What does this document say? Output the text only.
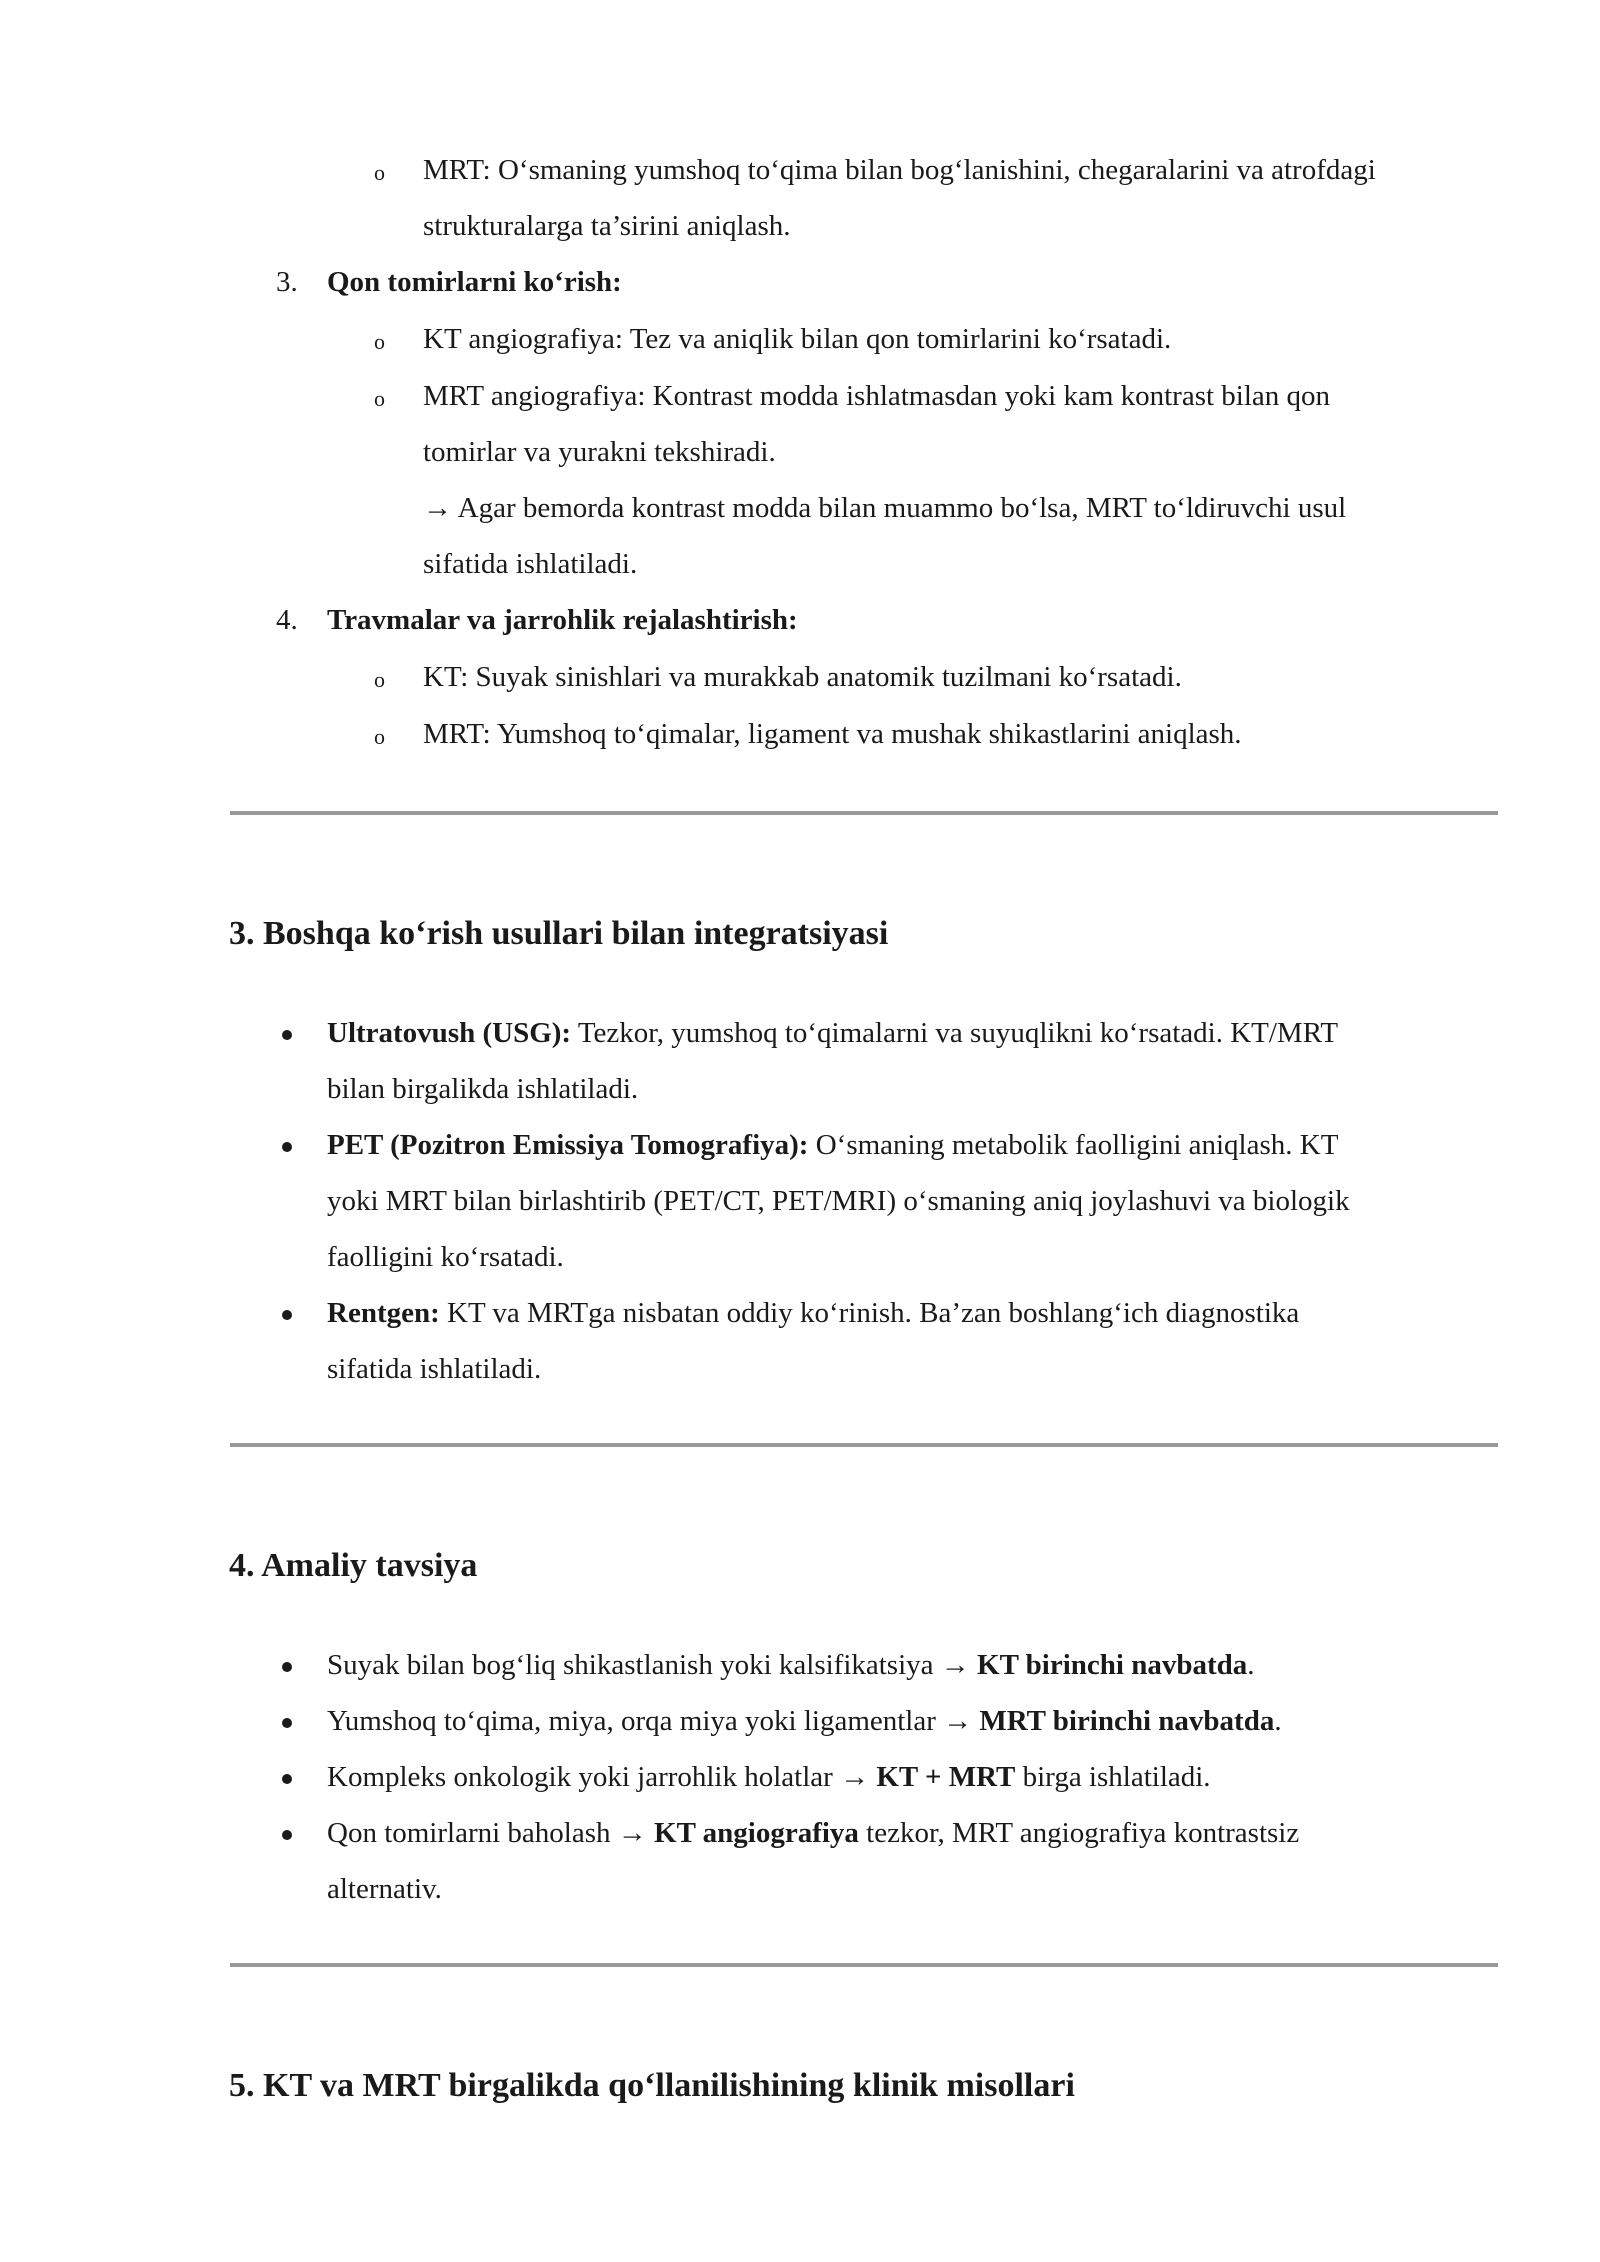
o MRT: O‘smaning yumshoq to‘qima bilan bog‘lanishini, chegaralarini va atrofdagi
strukturalarga ta’sirini aniqlash.
3. Qon tomirlarni ko‘rish:
o KT angiografiya: Tez va aniqlik bilan qon tomirlarini ko‘rsatadi.
o MRT angiografiya: Kontrast modda ishlatmasdan yoki kam kontrast bilan qon
tomirlar va yurakni tekshiradi.
→ Agar bemorda kontrast modda bilan muammo bo‘lsa, MRT to‘ldiruvchi usul
sifatida ishlatiladi.
4. Travmalar va jarrohlik rejalashtirish:
o KT: Suyak sinishlari va murakkab anatomik tuzilmani ko‘rsatadi.
o MRT: Yumshoq to‘qimalar, ligament va mushak shikastlarini aniqlash.
3. Boshqa ko‘rish usullari bilan integratsiyasi
Ultratovush (USG): Tezkor, yumshoq to‘qimalarni va suyuqlikni ko‘rsatadi. KT/MRT
bilan birgalikda ishlatiladi.
PET (Pozitron Emissiya Tomografiya): O‘smaning metabolik faolligini aniqlash. KT
yoki MRT bilan birlashtirib (PET/CT, PET/MRI) o‘smaning aniq joylashuvi va biologik
faolligini ko‘rsatadi.
Rentgen: KT va MRTga nisbatan oddiy ko‘rinish. Ba’zan boshlang‘ich diagnostika
sifatida ishlatiladi.
4. Amaliy tavsiya
Suyak bilan bog‘liq shikastlanish yoki kalsifikatsiya → KT birinchi navbatda.
Yumshoq to‘qima, miya, orqa miya yoki ligamentlar → MRT birinchi navbatda.
Kompleks onkologik yoki jarrohlik holatlar → KT + MRT birga ishlatiladi.
Qon tomirlarni baholash → KT angiografiya tezkor, MRT angiografiya kontrastsiz
alternativ.
5. KT va MRT birgalikda qo‘llanilishining klinik misollari
